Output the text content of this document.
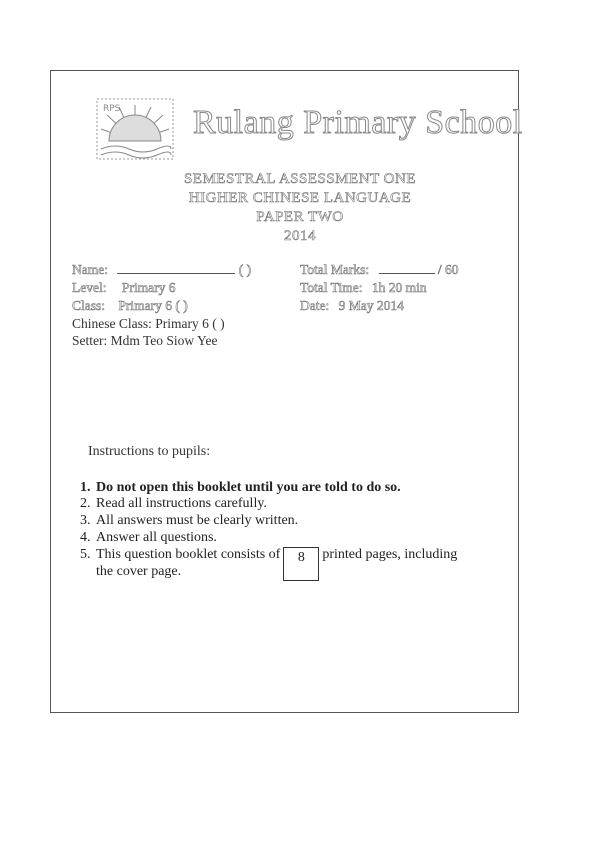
RPS Rulang Primary School
SEMESTRAL ASSESSMENT ONE
HIGHER CHINESE LANGUAGE
PAPER TWO
2014
Name:	( )	Total Marks:	/ 60
Level: Primary 6	Total Time: 1h 20 min
Class: Primary 6 ( )	Date: 9 May 2014
Chinese Class: Primary 6 ( )
Setter: Mdm Teo Siow Yee
Instructions to pupils:
1. Do not open this booklet until you are told to do so.
2. Read all instructions carefully.
3. All answers must be clearly written.
4. Answer all questions.
5. This question booklet consists of 8 printed pages, including
the cover page.
